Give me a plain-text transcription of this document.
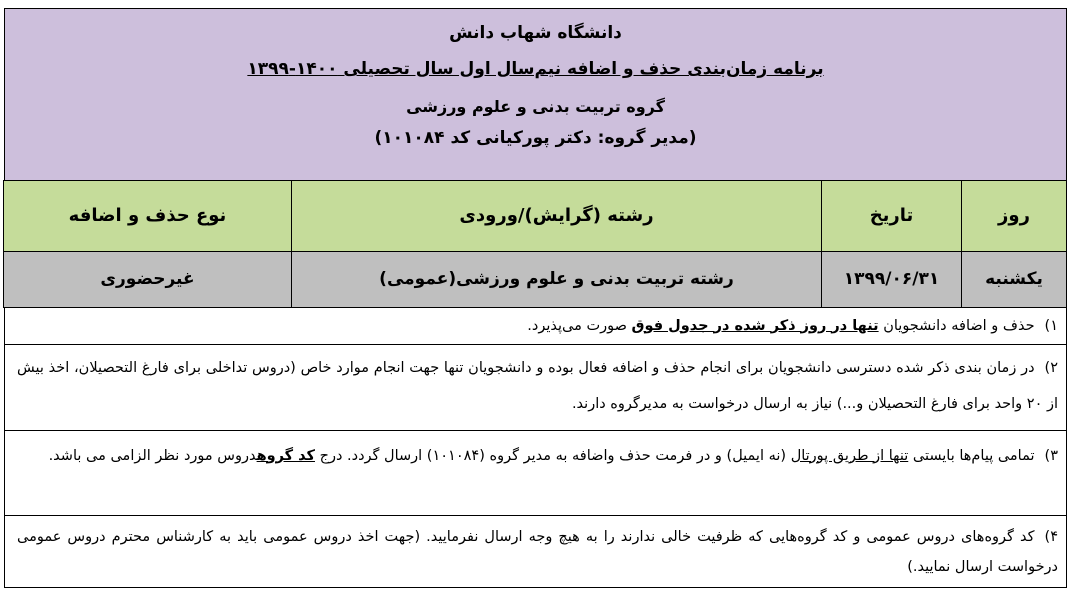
دانشگاه شهاب دانش
برنامه زمان‌بندی حذف و اضافه نیم‌سال اول سال تحصیلی ۱۴۰۰-۱۳۹۹
گروه تربیت بدنی و علوم ورزشی
(مدیر گروه: دکتر پورکیانی کد ۱۰۱۰۸۴)
روز	تاریخ	رشته (گرایش)/ورودی	نوع حذف و اضافه
یکشنبه	۱۳۹۹/۰۶/۳۱	رشته تربیت بدنی و علوم ورزشی(عمومی)	غیرحضوری
۱)حذف و اضافه دانشجویان تنها در روز ذکر شده در جدول فوق صورت می‌پذیرد.
۲)در زمان بندی ذکر شده دسترسی دانشجویان برای انجام حذف و اضافه فعال بوده و دانشجویان تنها جهت انجام موارد خاص (دروس تداخلی برای فارغ التحصیلان، اخذ بیش از ۲۰ واحد برای فارغ التحصیلان و...) نیاز به ارسال درخواست به مدیرگروه دارند.
۳)تمامی پیام‌ها بایستی تنها از طریق پورتال (نه ایمیل) و در فرمت حذف واضافه به مدیر گروه (۱۰۱۰۸۴) ارسال گردد. درج کد گروهدروس مورد نظر الزامی می باشد.
۴)کد گروه‌های دروس عمومی و کد گروه‌هایی که ظرفیت خالی ندارند را به هیچ وجه ارسال نفرمایید. (جهت اخذ دروس عمومی باید به کارشناس محترم دروس عمومی درخواست ارسال نمایید.)
